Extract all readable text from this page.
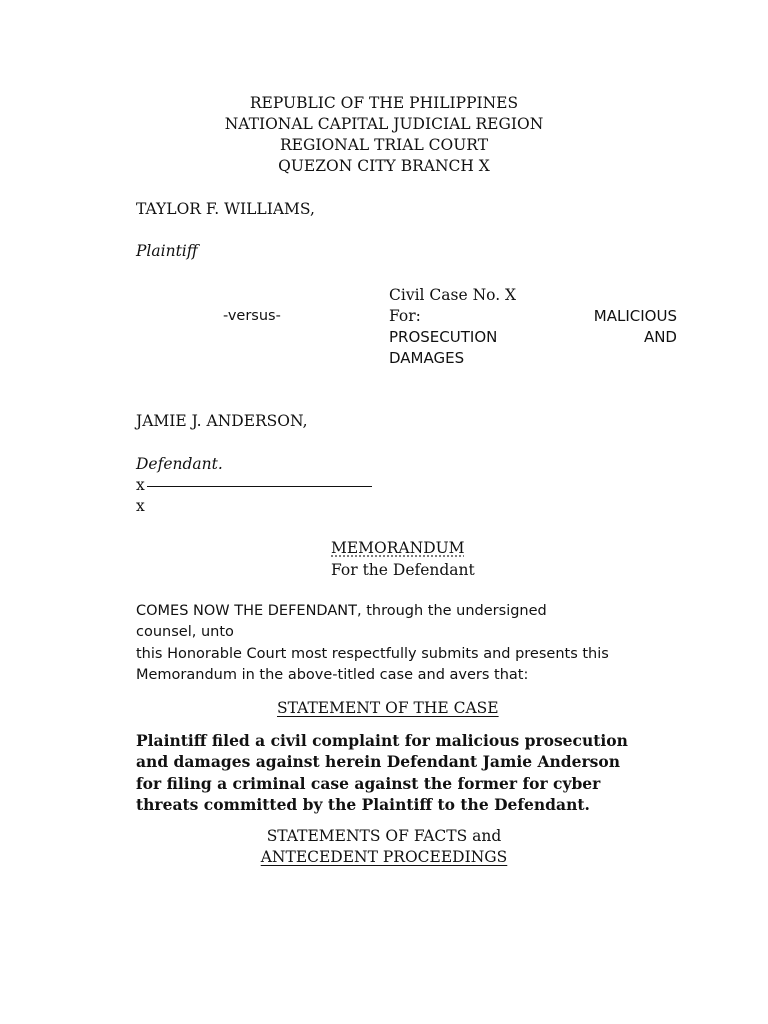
REPUBLIC OF THE PHILIPPINES
NATIONAL CAPITAL JUDICIAL REGION
REGIONAL TRIAL COURT
QUEZON CITY BRANCH X
TAYLOR F. WILLIAMS,
Plaintiff
-versus-
Civil Case No. X
For:	MALICIOUS
PROSECUTION	AND
DAMAGES
JAMIE J. ANDERSON,
Defendant.
x
x
MEMORANDUM
For the Defendant
COMES NOW THE DEFENDANT, through the undersigned
counsel, unto
this Honorable Court most respectfully submits and presents this
Memorandum in the above-titled case and avers that:
STATEMENT OF THE CASE
Plaintiff filed a civil complaint for malicious prosecution
and damages against herein Defendant Jamie Anderson
for filing a criminal case against the former for cyber
threats committed by the Plaintiff to the Defendant.
STATEMENTS OF FACTS and
ANTECEDENT PROCEEDINGS
